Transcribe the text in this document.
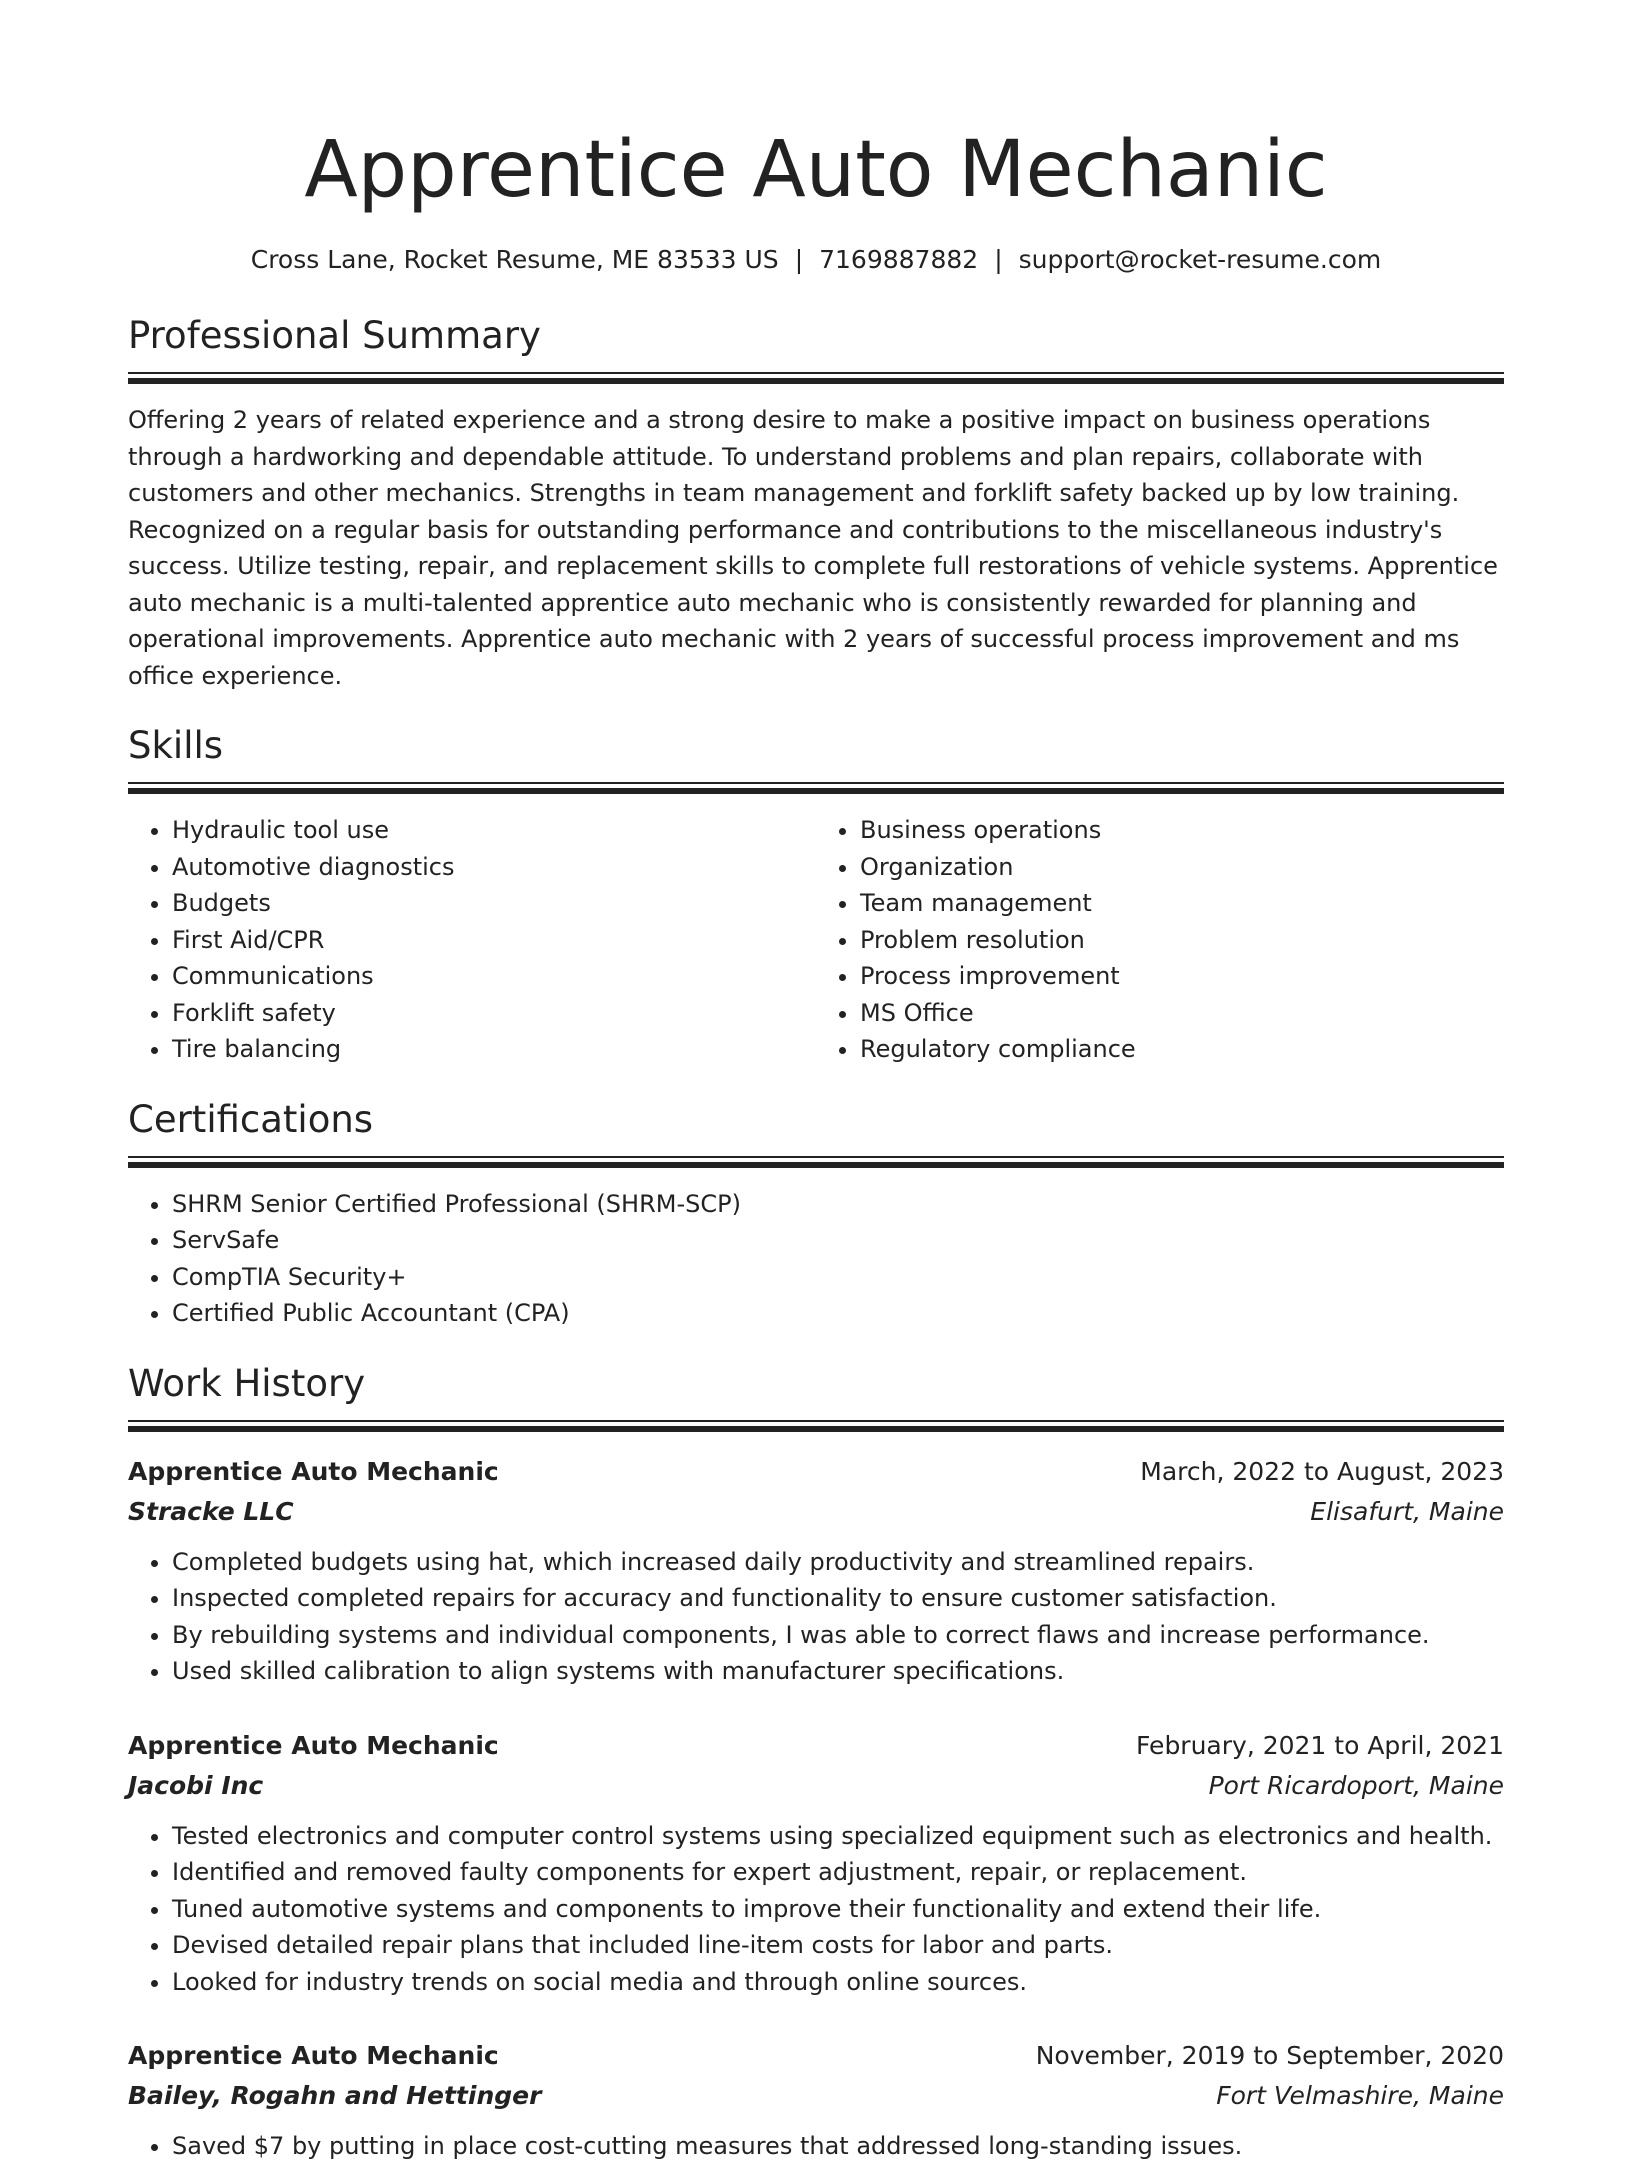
Apprentice Auto Mechanic
Cross Lane, Rocket Resume, ME 83533 US | 7169887882 | support@rocket-resume.com
Professional Summary
Offering 2 years of related experience and a strong desire to make a positive impact on business operations through a hardworking and dependable attitude. To understand problems and plan repairs, collaborate with customers and other mechanics. Strengths in team management and forklift safety backed up by low training. Recognized on a regular basis for outstanding performance and contributions to the miscellaneous industry's success. Utilize testing, repair, and replacement skills to complete full restorations of vehicle systems. Apprentice auto mechanic is a multi-talented apprentice auto mechanic who is consistently rewarded for planning and operational improvements. Apprentice auto mechanic with 2 years of successful process improvement and ms office experience.
Skills
• Hydraulic tool use
• Automotive diagnostics
• Budgets
• First Aid/CPR
• Communications
• Forklift safety
• Tire balancing
• Business operations
• Organization
• Team management
• Problem resolution
• Process improvement
• MS Office
• Regulatory compliance
Certifications
• SHRM Senior Certified Professional (SHRM-SCP)
• ServSafe
• CompTIA Security+
• Certified Public Accountant (CPA)
Work History
Apprentice Auto Mechanic	March, 2022 to August, 2023
Stracke LLC	Elisafurt, Maine
• Completed budgets using hat, which increased daily productivity and streamlined repairs.
• Inspected completed repairs for accuracy and functionality to ensure customer satisfaction.
• By rebuilding systems and individual components, I was able to correct flaws and increase performance.
• Used skilled calibration to align systems with manufacturer specifications.
Apprentice Auto Mechanic	February, 2021 to April, 2021
Jacobi Inc	Port Ricardoport, Maine
• Tested electronics and computer control systems using specialized equipment such as electronics and health.
• Identified and removed faulty components for expert adjustment, repair, or replacement.
• Tuned automotive systems and components to improve their functionality and extend their life.
• Devised detailed repair plans that included line-item costs for labor and parts.
• Looked for industry trends on social media and through online sources.
Apprentice Auto Mechanic	November, 2019 to September, 2020
Bailey, Rogahn and Hettinger	Fort Velmashire, Maine
• Saved $7 by putting in place cost-cutting measures that addressed long-standing issues.
